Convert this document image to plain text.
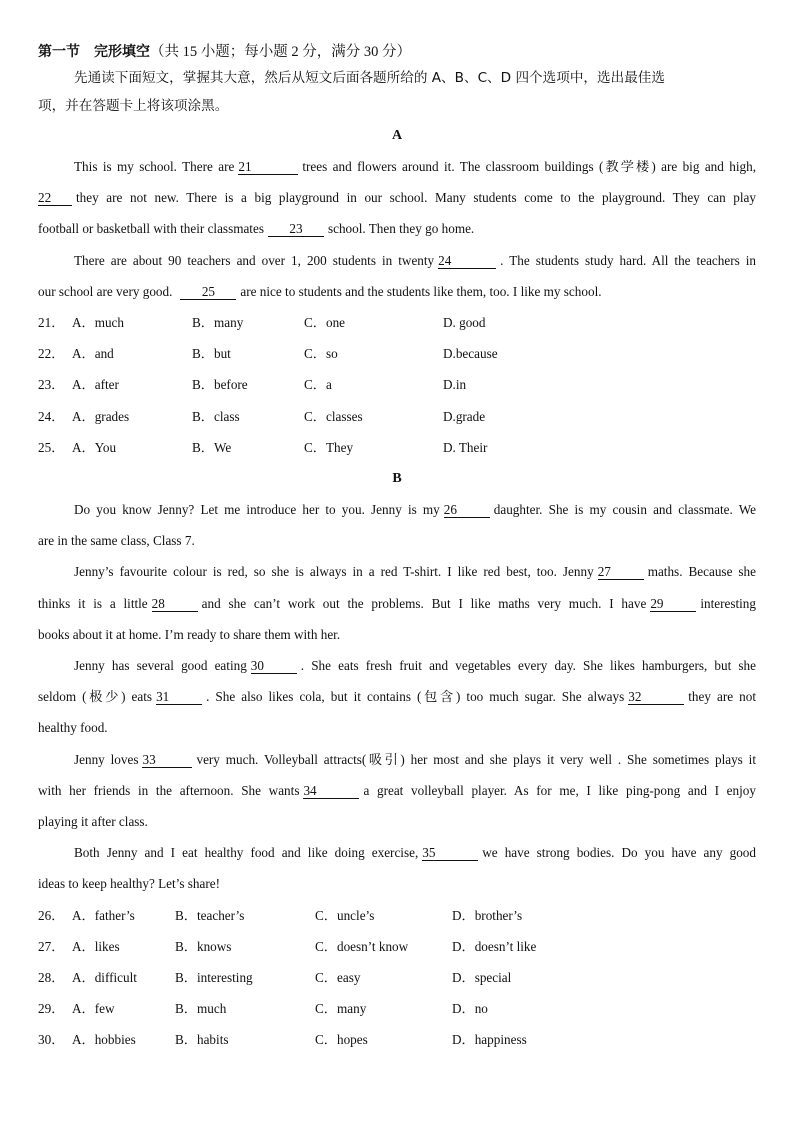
第一节　完形填空（共 15 小题；每小题 2 分，满分 30 分）
先通读下面短文，掌握其大意，然后从短文后面各题所给的 A、B、C、D 四个选项中，选出最佳选
项，并在答题卡上将该项涂黑。
A
This is my school. There are 21	trees and flowers around it. The classroom buildings (教学楼) are big and high,
22 they are not new. There is a big playground in our school. Many students come to the playground. They can play
football or basketball with their classmates 23 school. Then they go home.
There are about 90 teachers and over 1, 200 students in twenty 24	. The students study hard. All the teachers in
our school are very good. 25 are nice to students and the students like them, too. I like my school.
21． A．much	B．many	C．one	D. good
22． A．and	B．but	C．so	D.because
23． A．after	B．before	C．a	D.in
24． A．grades	B．class	C．classes	D.grade
25． A．You	B．We	C．They	D. Their
B
Do you know Jenny? Let me introduce her to you. Jenny is my 26	daughter. She is my cousin and classmate. We
are in the same class, Class 7.
Jenny’s favourite colour is red, so she is always in a red T-shirt. I like red best, too. Jenny 27	maths. Because she
thinks it is a little 28	and she can’t work out the problems. But I like maths very much. I have 29	interesting
books about it at home. I’m ready to share them with her.
Jenny has several good eating 30	. She eats fresh fruit and vegetables every day. She likes hamburgers, but she
seldom (极少) eats 31	. She also likes cola, but it contains (包含) too much sugar. She always 32	they are not
healthy food.
Jenny loves 33	very much. Volleyball attracts(吸引) her most and she plays it very well . She sometimes plays it
with her friends in the afternoon. She wants 34	a great volleyball player. As for me, I like ping-pong and I enjoy
playing it after class.
Both Jenny and I eat healthy food and like doing exercise, 35	we have strong bodies. Do you have any good
ideas to keep healthy? Let’s share!
26． A．father’s	B．teacher’s	C．uncle’s	D．brother’s
27． A．likes	B．knows	C．doesn’t know	D．doesn’t like
28． A．difficult	B．interesting	C．easy	D．special
29． A．few	B．much	C．many	D．no
30． A．hobbies	B．habits	C．hopes	D．happiness
